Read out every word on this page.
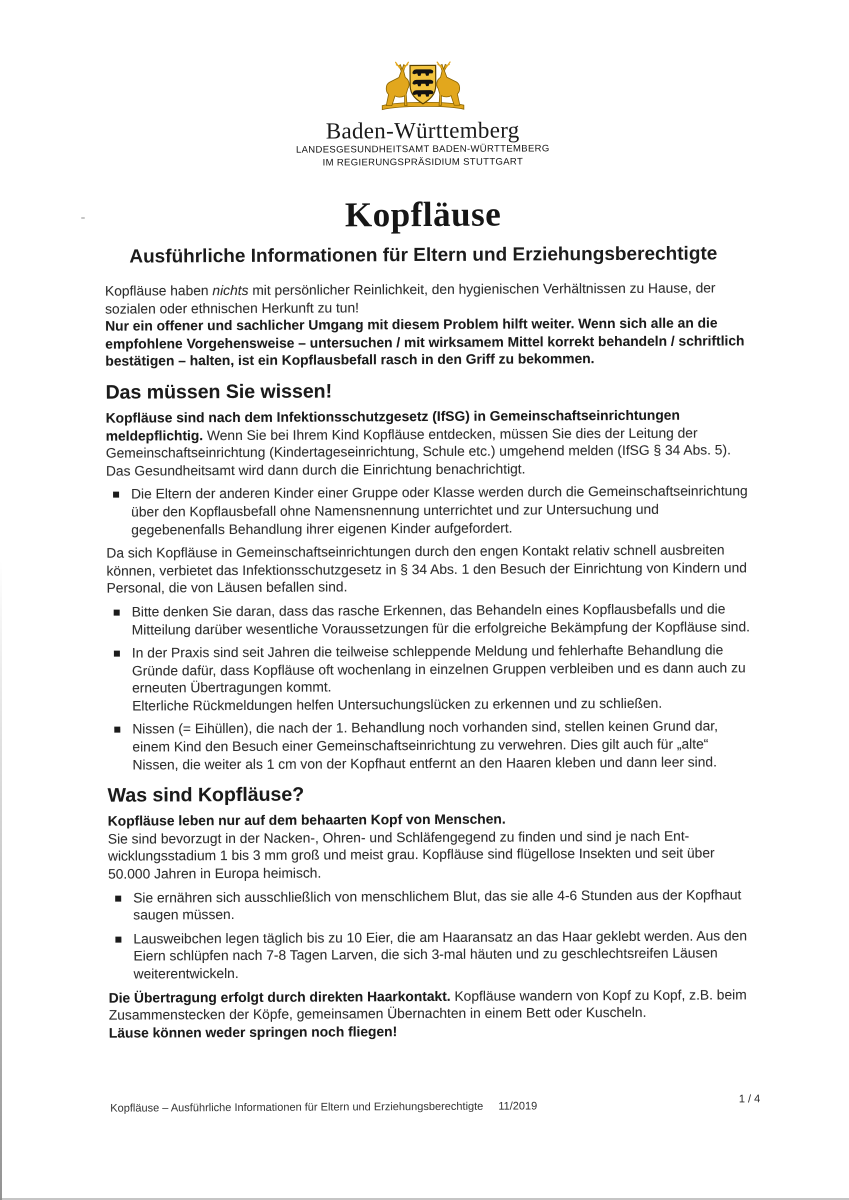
Baden-Württemberg
LANDESGESUNDHEITSAMT BADEN-WÜRTTEMBERG
IM REGIERUNGSPRÄSIDIUM STUTTGART
Kopfläuse
Ausführliche Informationen für Eltern und Erziehungsberechtigte

Kopfläuse haben nichts mit persönlicher Reinlichkeit, den hygienischen Verhältnissen zu Hause, der sozialen oder ethnischen Herkunft zu tun!

Nur ein offener und sachlicher Umgang mit diesem Problem hilft weiter. Wenn sich alle an die empfohlene Vorgehensweise – untersuchen / mit wirksamem Mittel korrekt behandeln / schriftlich bestätigen – halten, ist ein Kopflausbefall rasch in den Griff zu bekommen.

Das müssen Sie wissen!

Kopfläuse sind nach dem Infektionsschutzgesetz (IfSG) in Gemeinschaftseinrichtungen meldepflichtig. Wenn Sie bei Ihrem Kind Kopfläuse entdecken, müssen Sie dies der Leitung der Gemeinschaftseinrichtung (Kindertageseinrichtung, Schule etc.) umgehend melden (IfSG § 34 Abs. 5). Das Gesundheitsamt wird dann durch die Einrichtung benachrichtigt.

Die Eltern der anderen Kinder einer Gruppe oder Klasse werden durch die Gemeinschaftseinrichtung über den Kopflausbefall ohne Namensnennung unterrichtet und zur Untersuchung und gegebenenfalls Behandlung ihrer eigenen Kinder aufgefordert.

Da sich Kopfläuse in Gemeinschaftseinrichtungen durch den engen Kontakt relativ schnell ausbreiten können, verbietet das Infektionsschutzgesetz in § 34 Abs. 1 den Besuch der Einrichtung von Kindern und Personal, die von Läusen befallen sind.

Bitte denken Sie daran, dass das rasche Erkennen, das Behandeln eines Kopflausbefalls und die Mitteilung darüber wesentliche Voraussetzungen für die erfolgreiche Bekämpfung der Kopfläuse sind.
In der Praxis sind seit Jahren die teilweise schleppende Meldung und fehlerhafte Behandlung die Gründe dafür, dass Kopfläuse oft wochenlang in einzelnen Gruppen verbleiben und es dann auch zu erneuten Übertragungen kommt.
Elterliche Rückmeldungen helfen Untersuchungslücken zu erkennen und zu schließen.
Nissen (= Eihüllen), die nach der 1. Behandlung noch vorhanden sind, stellen keinen Grund dar, einem Kind den Besuch einer Gemeinschaftseinrichtung zu verwehren. Dies gilt auch für „alte“ Nissen, die weiter als 1 cm von der Kopfhaut entfernt an den Haaren kleben und dann leer sind.
Was sind Kopfläuse?

Kopfläuse leben nur auf dem behaarten Kopf von Menschen.

Sie sind bevorzugt in der Nacken-, Ohren- und Schläfengegend zu finden und sind je nach Entwicklungsstadium 1 bis 3 mm groß und meist grau. Kopfläuse sind flügellose Insekten und seit über 50.000 Jahren in Europa heimisch.

Sie ernähren sich ausschließlich von menschlichem Blut, das sie alle 4-6 Stunden aus der Kopfhaut saugen müssen.
Lausweibchen legen täglich bis zu 10 Eier, die am Haaransatz an das Haar geklebt werden. Aus den Eiern schlüpfen nach 7-8 Tagen Larven, die sich 3-mal häuten und zu geschlechtsreifen Läusen weiterentwickeln.

Die Übertragung erfolgt durch direkten Haarkontakt. Kopfläuse wandern von Kopf zu Kopf, z.B. beim Zusammenstecken der Köpfe, gemeinsamen Übernachten in einem Bett oder Kuscheln.

Läuse können weder springen noch fliegen!

Kopfläuse – Ausführliche Informationen für Eltern und Erziehungsberechtigte 11/2019
1 / 4
